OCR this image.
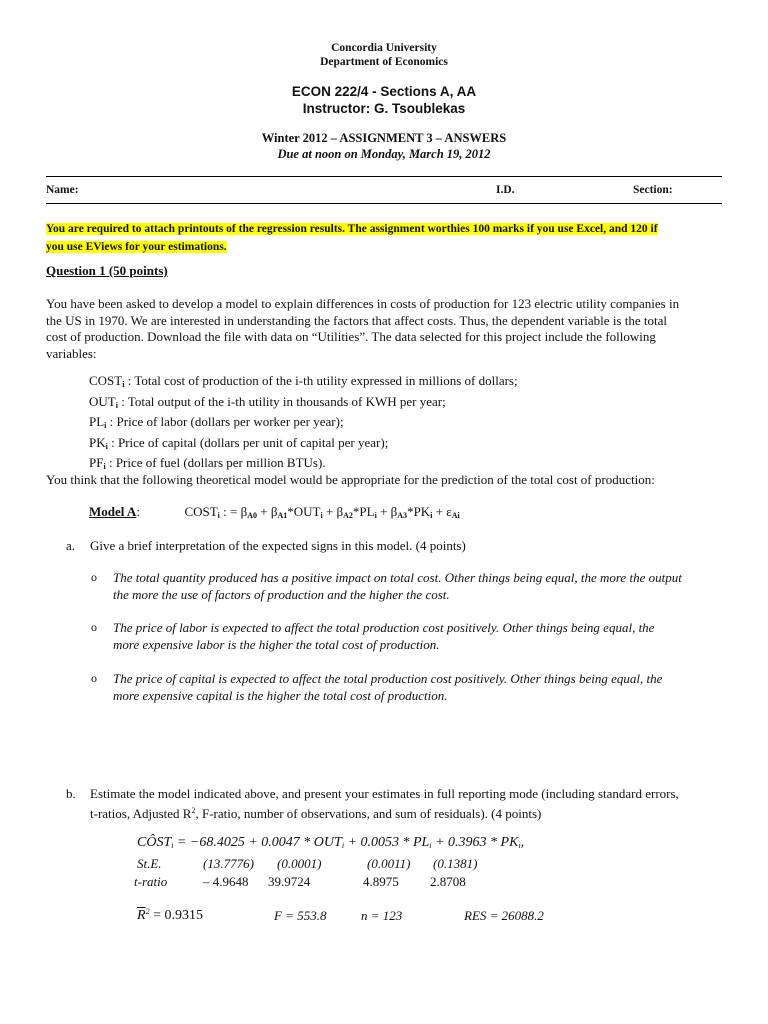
Concordia University
Department of Economics
ECON 222/4 - Sections A, AA
Instructor: G. Tsoublekas
Winter 2012 – ASSIGNMENT 3 – ANSWERS
Due at noon on Monday, March 19, 2012
Name:	I.D.	Section:
You are required to attach printouts of the regression results. The assignment worthies 100 marks if you use Excel, and 120 if
you use EViews for your estimations.
Question 1 (50 points)
You have been asked to develop a model to explain differences in costs of production for 123 electric utility companies in
the US in 1970. We are interested in understanding the factors that affect costs. Thus, the dependent variable is the total
cost of production. Download the file with data on “Utilities”. The data selected for this project include the following
variables:
$COST_i$ : Total cost of production of the i-th utility expressed in millions of dollars;
$OUT_i$ : Total output of the i-th utility in thousands of KWH per year;
$PL_i$ : Price of labor (dollars per worker per year);
$PK_i$ : Price of capital (dollars per unit of capital per year);
$PF_i$ : Price of fuel (dollars per million BTUs).
You think that the following theoretical model would be appropriate for the prediction of the total cost of production:
Model A:	$COST_i$ : = $\beta_{A0} + \beta_{A1}*OUT_i + \beta_{A2}*PL_i + \beta_{A3}*PK_i + \varepsilon_{Ai}$
a. Give a brief interpretation of the expected signs in this model. (4 points)
o The total quantity produced has a positive impact on total cost. Other things being equal, the more the output
the more the use of factors of production and the higher the cost.
o The price of labor is expected to affect the total production cost positively. Other things being equal, the
more expensive labor is the higher the total cost of production.
o The price of capital is expected to affect the total production cost positively. Other things being equal, the
more expensive capital is the higher the total cost of production.
b. Estimate the model indicated above, and present your estimates in full reporting mode (including standard errors,
t-ratios, Adjusted $R^2$, F-ratio, number of observations, and sum of residuals). (4 points)
$CÔST_i = -68.4025 + 0.0047 * OUT_i + 0.0053 * PL_i + 0.3963 * PK_i$,
St.E.	(13.7776) (0.0001)	(0.0011) (0.1381)
t-ratio	– 4.9648 39.9724	4.8975 2.8708
$\overline{R}^2 = 0.9315$	F = 553.8	n = 123	RES = 26088.2
